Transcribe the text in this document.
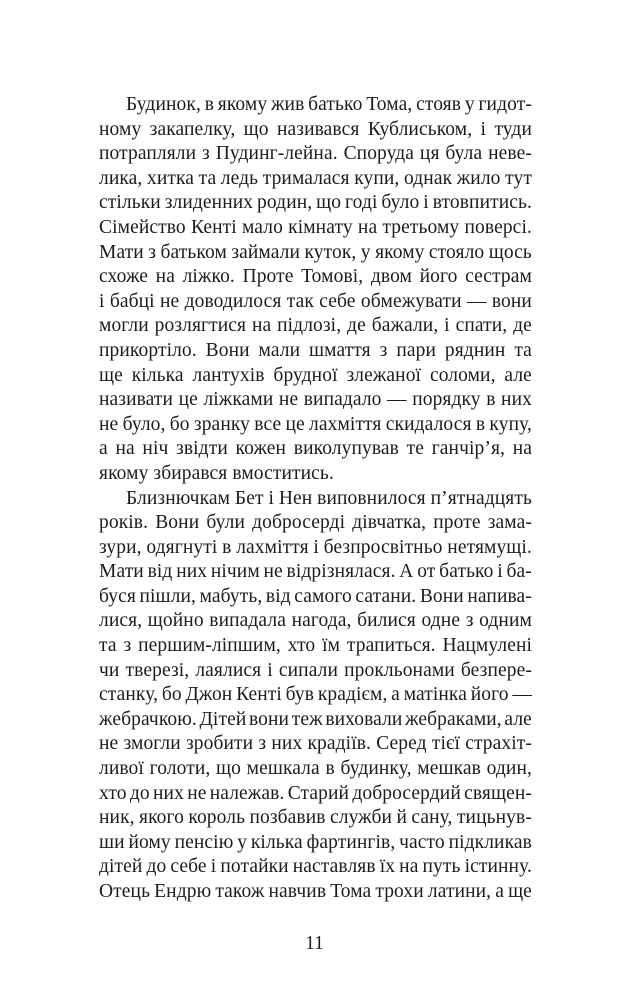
Будинок, в якому жив батько Тома, стояв у гидот-
ному закапелку, що називався Кублиськом, і туди
потрапляли з Пудинг-лейна. Споруда ця була неве-
лика, хитка та ледь трималася купи, однак жило тут
стільки злиденних родин, що годі було і втовпитись.
Сімейство Кенті мало кімнату на третьому поверсі.
Мати з батьком займали куток, у якому стояло щось
схоже на ліжко. Проте Томові, двом його сестрам
і бабці не доводилося так себе обмежувати — вони
могли розлягтися на підлозі, де бажали, і спати, де
прикортіло. Вони мали шмаття з пари ряднин та
ще кілька лантухів брудної злежаної соломи, але
називати це ліжками не випадало — порядку в них
не було, бо зранку все це лахміття скидалося в купу,
а на ніч звідти кожен виколупував те ганчір’я, на
якому збирався вмоститись.
Близнючкам Бет і Нен виповнилося п’ятнадцять
років. Вони були добросерді дівчатка, проте зама-
зури, одягнуті в лахміття і безпросвітньо нетямущі.
Мати від них нічим не відрізнялася. А от батько і ба-
буся пішли, мабуть, від самого сатани. Вони напива-
лися, щойно випадала нагода, билися одне з одним
та з першим-ліпшим, хто їм трапиться. Нацмулені
чи тверезі, лаялися і сипали прокльонами безпере-
станку, бо Джон Кенті був крадієм, а матінка його —
жебрачкою. Дітей вони теж виховали жебраками, але
не змогли зробити з них крадіїв. Серед тієї страхіт-
ливої голоти, що мешкала в будинку, мешкав один,
хто до них не належав. Старий добросердий священ-
ник, якого король позбавив служби й сану, тицьнув-
ши йому пенсію у кілька фартингів, часто підкликав
дітей до себе і потайки наставляв їх на путь істинну.
Отець Ендрю також навчив Тома трохи латини, а ще
11
